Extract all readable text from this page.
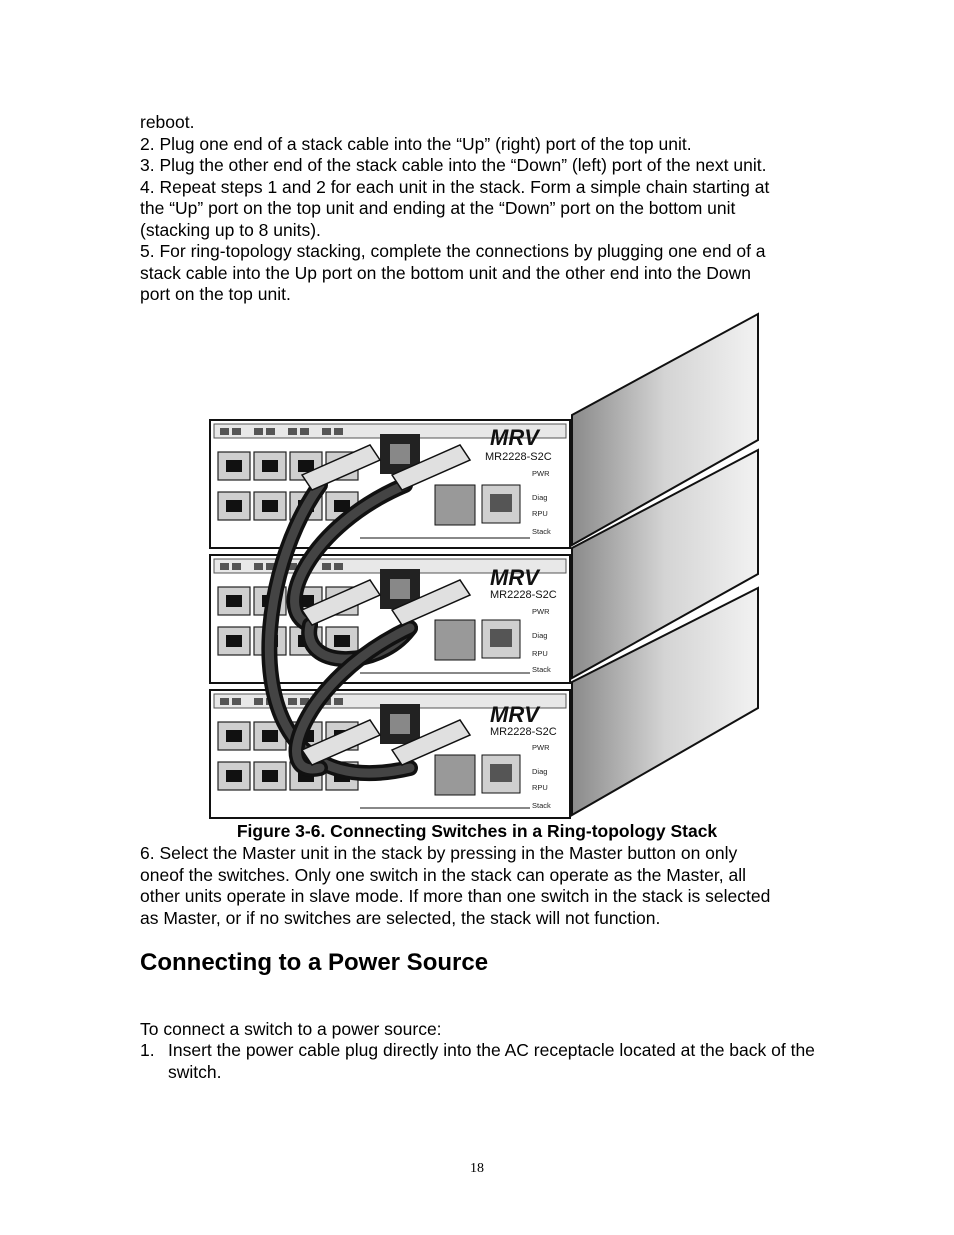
reboot.
2. Plug one end of a stack cable into the “Up” (right) port of the top unit.
3. Plug the other end of the stack cable into the “Down” (left) port of the next unit.
4. Repeat steps 1 and 2 for each unit in the stack. Form a simple chain starting at
the “Up” port on the top unit and ending at the “Down” port on the bottom unit
(stacking up to 8 units).
5. For ring-topology stacking, complete the connections by plugging one end of a
stack cable into the Up port on the bottom unit and the other end into the Down
port on the top unit.
MRV
MRV
MRV
MR2228-S2C
MR2228-S2C
MR2228-S2C
PWR
Diag
RPU
Stack
PWR
Diag
RPU
Stack
PWR
Diag
RPU
Stack
Figure 3-6. Connecting Switches in a Ring-topology Stack
6. Select the Master unit in the stack by pressing in the Master button on only
oneof the switches. Only one switch in the stack can operate as the Master, all
other units operate in slave mode. If more than one switch in the stack is selected
as Master, or if no switches are selected, the stack will not function.
Connecting to a Power Source
To connect a switch to a power source:
1. Insert the power cable plug directly into the AC receptacle located at the back of the switch.
18
